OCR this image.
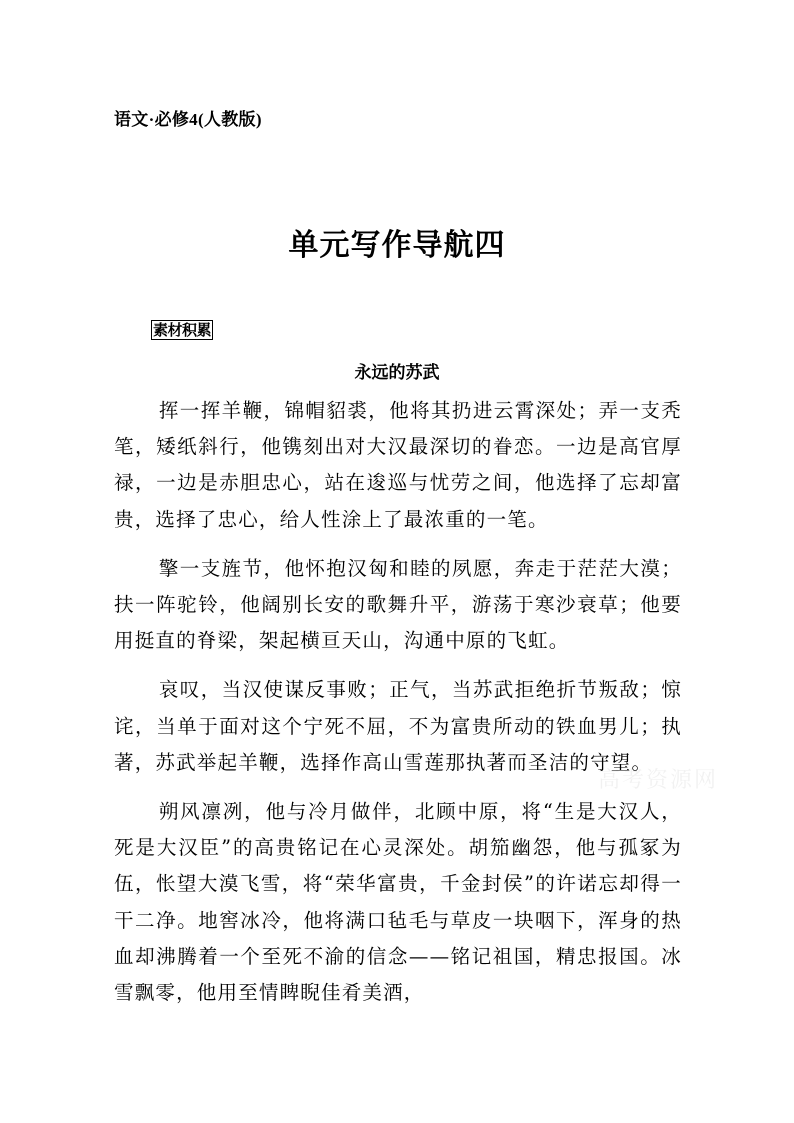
语文·必修4(人教版)
单元写作导航四
素材积累
永远的苏武

挥一挥羊鞭，锦帽貂裘，他将其扔进云霄深处；弄一支秃笔，矮纸斜行，他镌刻出对大汉最深切的眷恋。一边是高官厚禄，一边是赤胆忠心，站在逡巡与忧劳之间，他选择了忘却富贵，选择了忠心，给人性涂上了最浓重的一笔。

擎一支旌节，他怀抱汉匈和睦的夙愿，奔走于茫茫大漠；扶一阵驼铃，他阔别长安的歌舞升平，游荡于寒沙衰草；他要用挺直的脊梁，架起横亘天山，沟通中原的飞虹。

哀叹，当汉使谋反事败；正气，当苏武拒绝折节叛敌；惊诧，当单于面对这个宁死不屈，不为富贵所动的铁血男儿；执著，苏武举起羊鞭，选择作高山雪莲那执著而圣洁的守望。

朔风凛冽，他与冷月做伴，北顾中原，将“生是大汉人，死是大汉臣”的高贵铭记在心灵深处。胡笳幽怨，他与孤冢为伍，怅望大漠飞雪，将“荣华富贵，千金封侯”的许诺忘却得一干二净。地窖冰冷，他将满口毡毛与草皮一块咽下，浑身的热血却沸腾着一个至死不渝的信念——铭记祖国，精忠报国。冰雪飘零，他用至情睥睨佳肴美酒，

高考资源网
